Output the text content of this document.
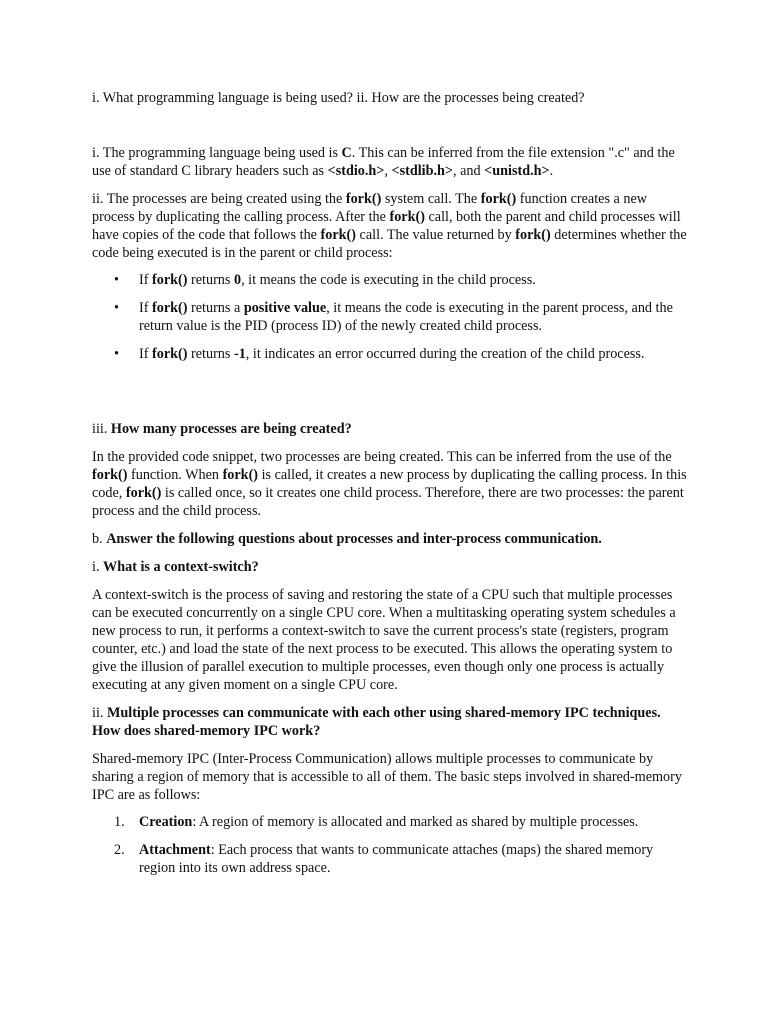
i. What programming language is being used? ii. How are the processes being created?

i. The programming language being used is C. This can be inferred from the file extension ".c" and the use of standard C library headers such as <stdio.h>, <stdlib.h>, and <unistd.h>.

ii. The processes are being created using the fork() system call. The fork() function creates a new process by duplicating the calling process. After the fork() call, both the parent and child processes will have copies of the code that follows the fork() call. The value returned by fork() determines whether the code being executed is in the parent or child process:

• If fork() returns 0, it means the code is executing in the child process.
• If fork() returns a positive value, it means the code is executing in the parent process, and the return value is the PID (process ID) of the newly created child process.
• If fork() returns -1, it indicates an error occurred during the creation of the child process.

iii. How many processes are being created?

In the provided code snippet, two processes are being created. This can be inferred from the use of the fork() function. When fork() is called, it creates a new process by duplicating the calling process. In this code, fork() is called once, so it creates one child process. Therefore, there are two processes: the parent process and the child process.

b. Answer the following questions about processes and inter-process communication.

i. What is a context-switch?

A context-switch is the process of saving and restoring the state of a CPU such that multiple processes can be executed concurrently on a single CPU core. When a multitasking operating system schedules a new process to run, it performs a context-switch to save the current process's state (registers, program counter, etc.) and load the state of the next process to be executed. This allows the operating system to give the illusion of parallel execution to multiple processes, even though only one process is actually executing at any given moment on a single CPU core.

ii. Multiple processes can communicate with each other using shared-memory IPC techniques. How does shared-memory IPC work?

Shared-memory IPC (Inter-Process Communication) allows multiple processes to communicate by sharing a region of memory that is accessible to all of them. The basic steps involved in shared-memory IPC are as follows:

1. Creation: A region of memory is allocated and marked as shared by multiple processes.
2. Attachment: Each process that wants to communicate attaches (maps) the shared memory region into its own address space.
